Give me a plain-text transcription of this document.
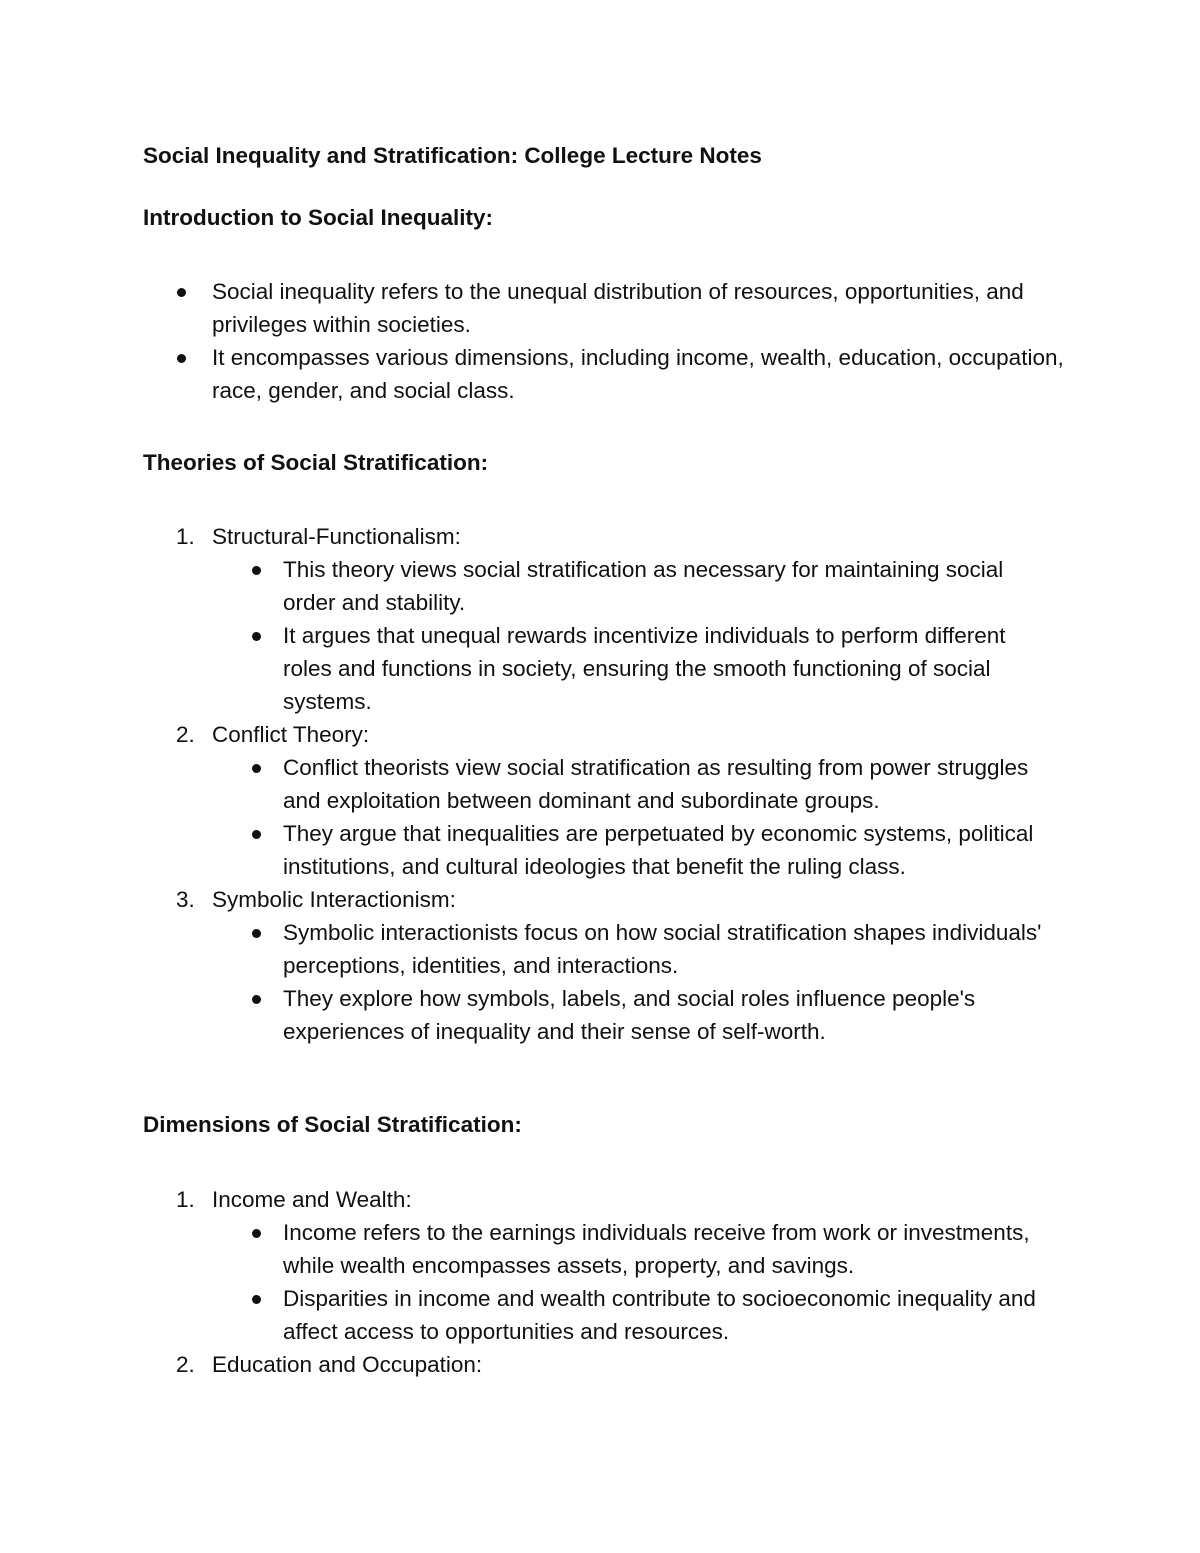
Social Inequality and Stratification: College Lecture Notes

Introduction to Social Inequality:

Social inequality refers to the unequal distribution of resources, opportunities, and privileges within societies.
It encompasses various dimensions, including income, wealth, education, occupation, race, gender, and social class.

Theories of Social Stratification:

1. Structural-Functionalism:
This theory views social stratification as necessary for maintaining social order and stability.
It argues that unequal rewards incentivize individuals to perform different roles and functions in society, ensuring the smooth functioning of social systems.
2. Conflict Theory:
Conflict theorists view social stratification as resulting from power struggles and exploitation between dominant and subordinate groups.
They argue that inequalities are perpetuated by economic systems, political institutions, and cultural ideologies that benefit the ruling class.
3. Symbolic Interactionism:
Symbolic interactionists focus on how social stratification shapes individuals' perceptions, identities, and interactions.
They explore how symbols, labels, and social roles influence people's experiences of inequality and their sense of self-worth.

Dimensions of Social Stratification:

1. Income and Wealth:
Income refers to the earnings individuals receive from work or investments, while wealth encompasses assets, property, and savings.
Disparities in income and wealth contribute to socioeconomic inequality and affect access to opportunities and resources.
2. Education and Occupation:
